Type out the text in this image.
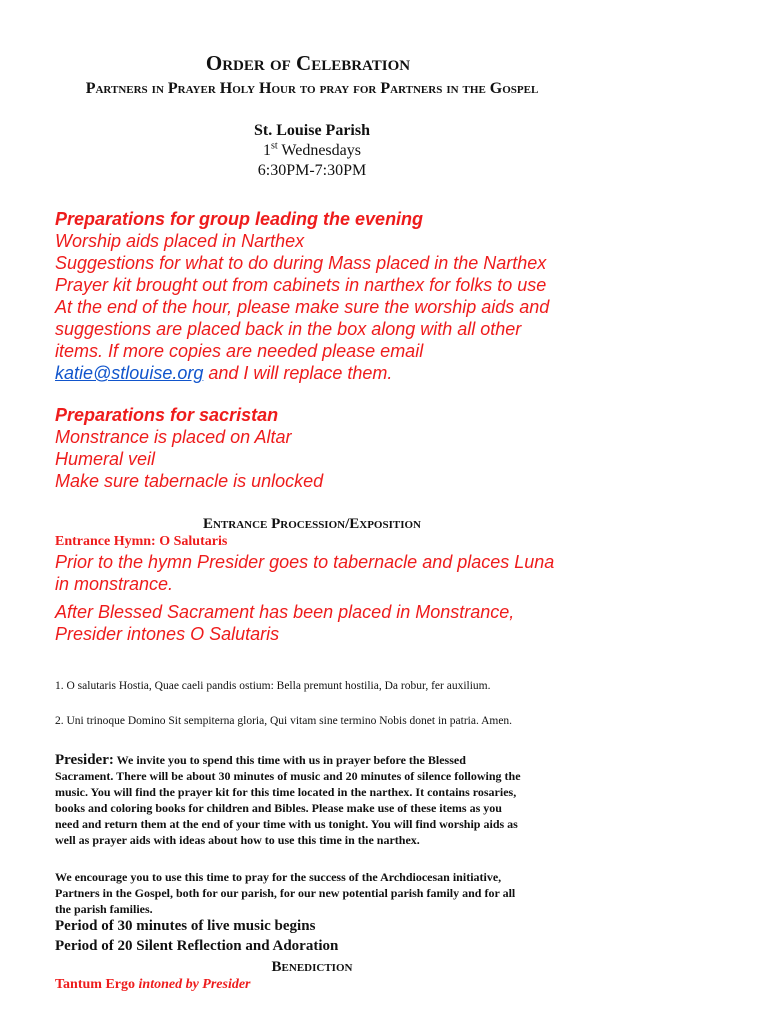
Order of Celebration
Partners in Prayer Holy Hour to pray for Partners in the Gospel
St. Louise Parish
1st Wednesdays
6:30PM-7:30PM
Preparations for group leading the evening
Worship aids placed in Narthex
Suggestions for what to do during Mass placed in the Narthex
Prayer kit brought out from cabinets in narthex for folks to use
At the end of the hour, please make sure the worship aids and
suggestions are placed back in the box along with all other
items. If more copies are needed please email
katie@stlouise.org and I will replace them.
Preparations for sacristan
Monstrance is placed on Altar
Humeral veil
Make sure tabernacle is unlocked
Entrance Procession/Exposition
Entrance Hymn: O Salutaris
Prior to the hymn Presider goes to tabernacle and places Luna
in monstrance.
After Blessed Sacrament has been placed in Monstrance,
Presider intones O Salutaris
1. O salutaris Hostia, Quae caeli pandis ostium: Bella premunt hostilia, Da robur, fer auxilium.
2. Uni trinoque Domino Sit sempiterna gloria, Qui vitam sine termino Nobis donet in patria. Amen.
Presider: We invite you to spend this time with us in prayer before the Blessed
Sacrament. There will be about 30 minutes of music and 20 minutes of silence following the
music. You will find the prayer kit for this time located in the narthex. It contains rosaries,
books and coloring books for children and Bibles. Please make use of these items as you
need and return them at the end of your time with us tonight. You will find worship aids as
well as prayer aids with ideas about how to use this time in the narthex.
We encourage you to use this time to pray for the success of the Archdiocesan initiative,
Partners in the Gospel, both for our parish, for our new potential parish family and for all
the parish families.
Period of 30 minutes of live music begins
Period of 20 Silent Reflection and Adoration
Benediction
Tantum Ergo intoned by Presider
